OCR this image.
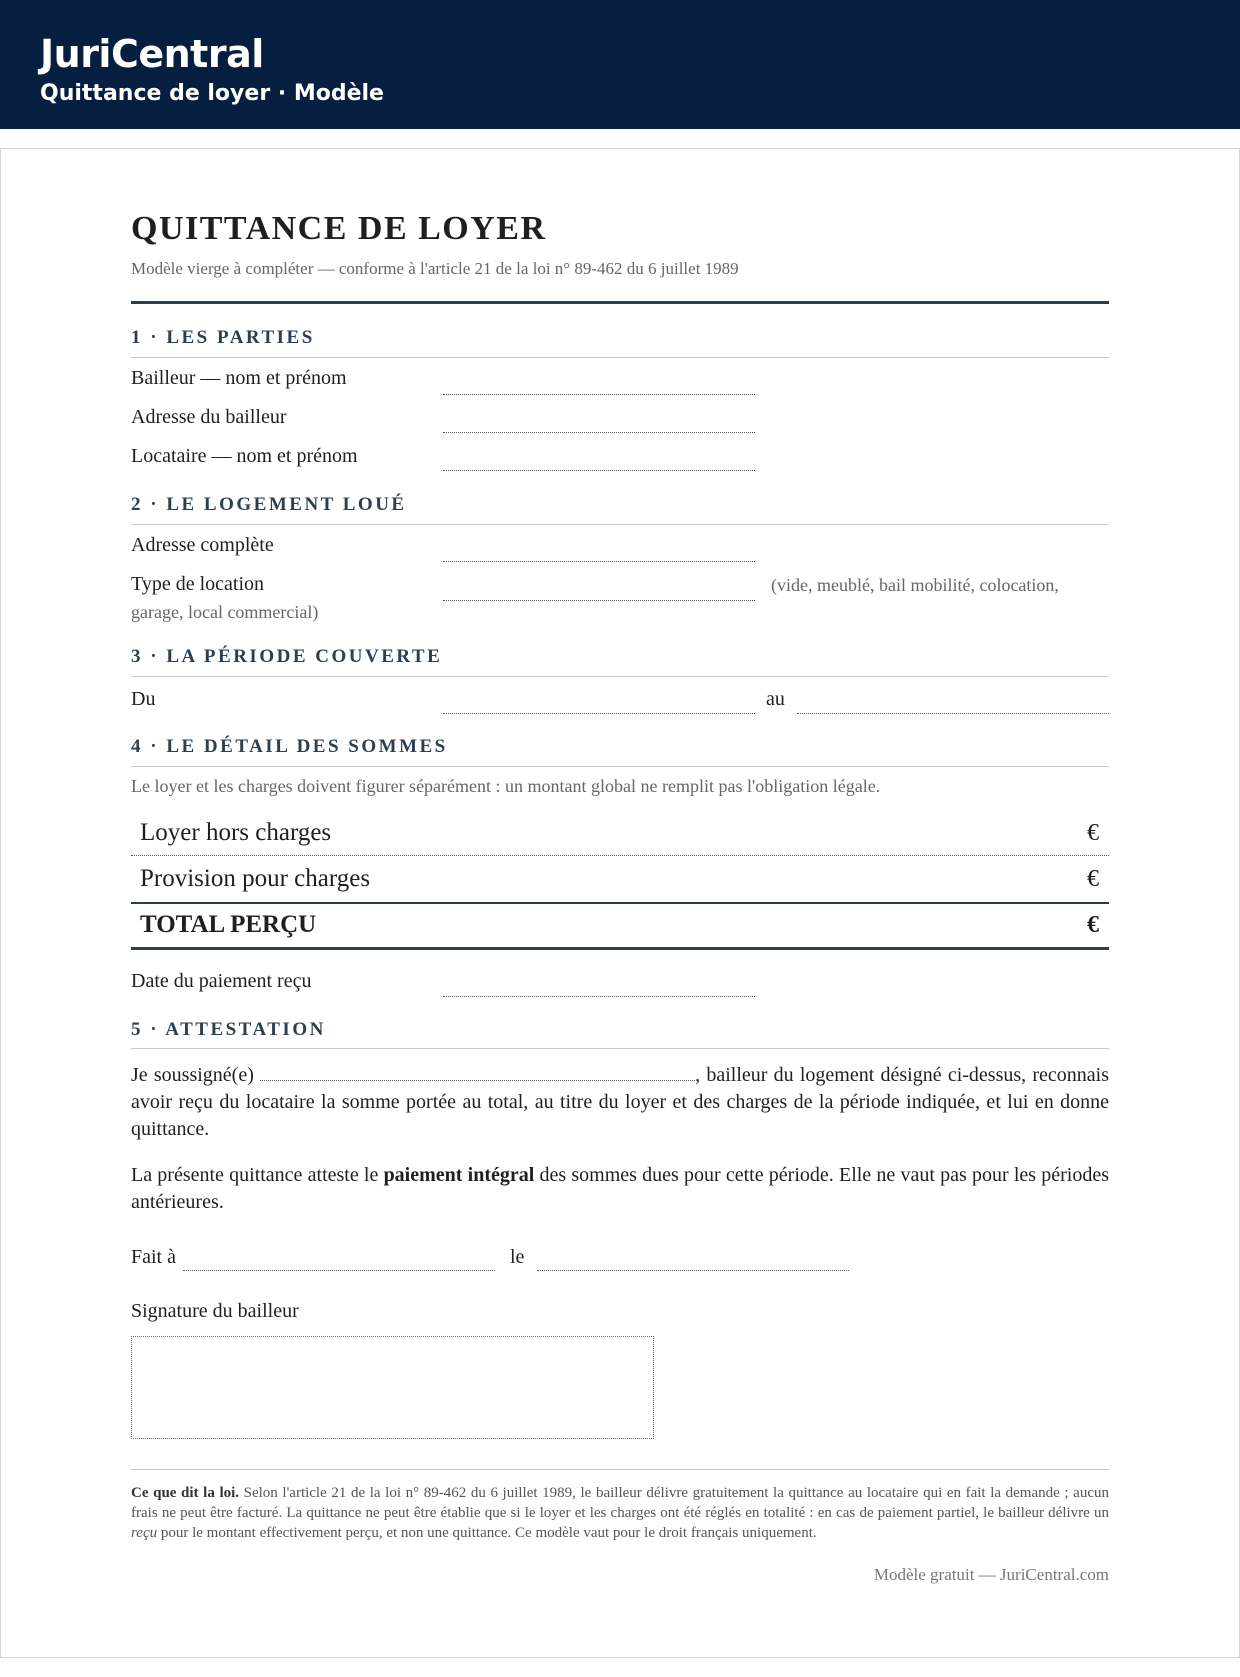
JuriCentral
Quittance de loyer · Modèle
QUITTANCE DE LOYER
Modèle vierge à compléter — conforme à l'article 21 de la loi n° 89-462 du 6 juillet 1989
1 · LES PARTIES
Bailleur — nom et prénom
Adresse du bailleur
Locataire — nom et prénom
2 · LE LOGEMENT LOUÉ
Adresse complète
Type de location	(vide, meublé, bail mobilité, colocation,
garage, local commercial)
3 · LA PÉRIODE COUVERTE
Du	au
4 · LE DÉTAIL DES SOMMES
Le loyer et les charges doivent figurer séparément : un montant global ne remplit pas l'obligation légale.
Loyer hors charges	€
Provision pour charges	€
TOTAL PERÇU	€
Date du paiement reçu
5 · ATTESTATION
Je soussigné(e)	, bailleur du logement désigné ci-dessus, reconnais avoir reçu du locataire la somme portée au total, au titre du loyer et des charges de la période indiquée, et lui en donne quittance.
La présente quittance atteste le paiement intégral des sommes dues pour cette période. Elle ne vaut pas pour les périodes antérieures.
Fait à	le
Signature du bailleur
Ce que dit la loi. Selon l'article 21 de la loi n° 89-462 du 6 juillet 1989, le bailleur délivre gratuitement la quittance au locataire qui en fait la demande ; aucun frais ne peut être facturé. La quittance ne peut être établie que si le loyer et les charges ont été réglés en totalité : en cas de paiement partiel, le bailleur délivre un reçu pour le montant effectivement perçu, et non une quittance. Ce modèle vaut pour le droit français uniquement.
Modèle gratuit — JuriCentral.com
